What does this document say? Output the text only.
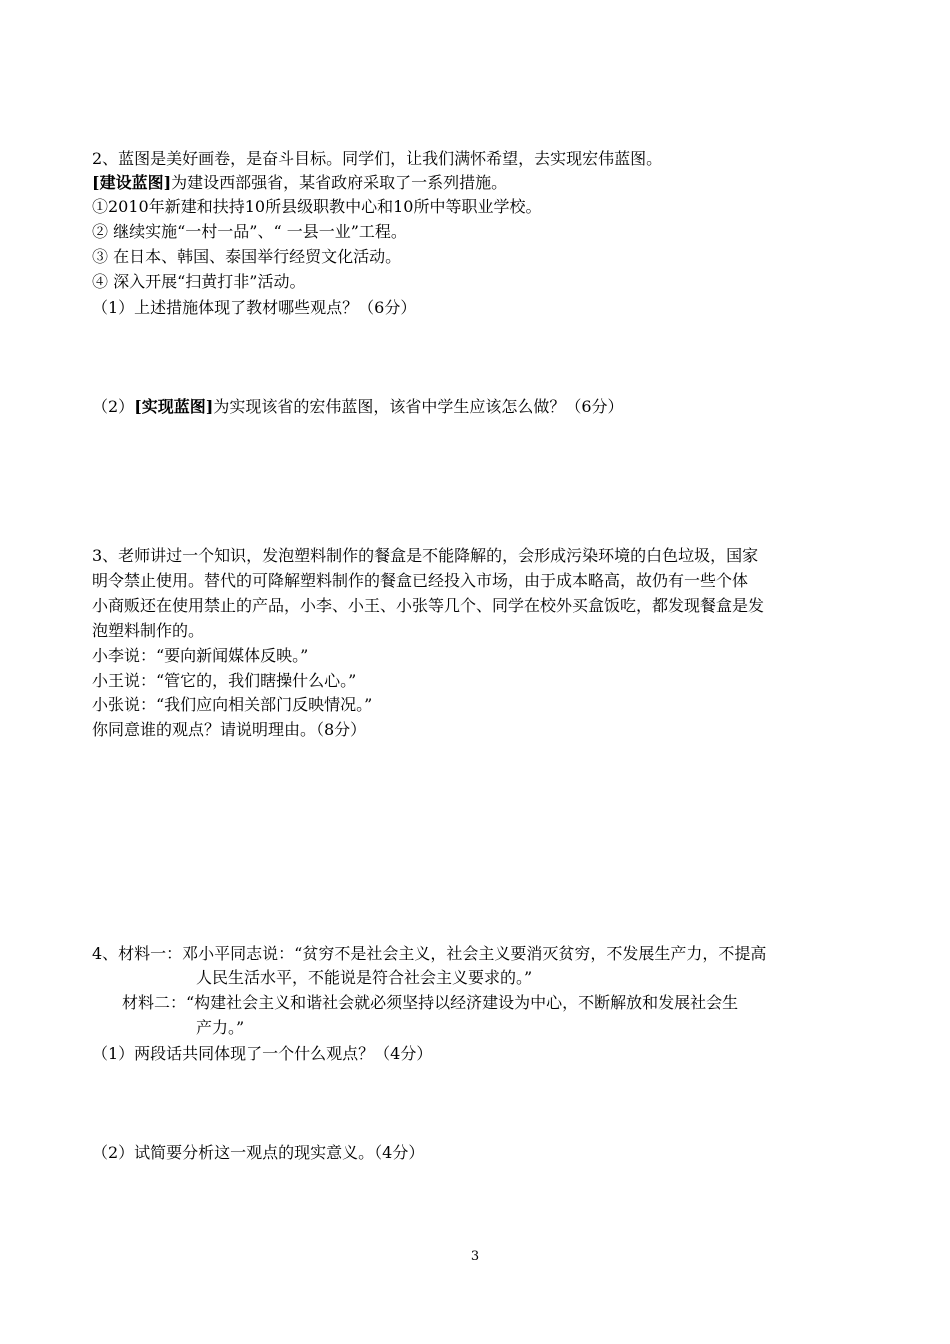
2、蓝图是美好画卷，是奋斗目标。同学们，让我们满怀希望，去实现宏伟蓝图。
[建设蓝图]为建设西部强省，某省政府采取了一系列措施。
①2010年新建和扶持10所县级职教中心和10所中等职业学校。
② 继续实施“一村一品”、“ 一县一业”工程。
③ 在日本、韩国、泰国举行经贸文化活动。
④ 深入开展“扫黄打非”活动。
（1）上述措施体现了教材哪些观点？（6分）
（2）[实现蓝图]为实现该省的宏伟蓝图，该省中学生应该怎么做？（6分）
3、老师讲过一个知识，发泡塑料制作的餐盒是不能降解的，会形成污染环境的白色垃圾，国家
明令禁止使用。替代的可降解塑料制作的餐盒已经投入市场，由于成本略高，故仍有一些个体
小商贩还在使用禁止的产品，小李、小王、小张等几个、同学在校外买盒饭吃，都发现餐盒是发
泡塑料制作的。
小李说：“要向新闻媒体反映。”
小王说：“管它的，我们瞎操什么心。”
小张说：“我们应向相关部门反映情况。”
你同意谁的观点？请说明理由。（8分）
4、材料一：邓小平同志说：“贫穷不是社会主义，社会主义要消灭贫穷，不发展生产力，不提高
人民生活水平，不能说是符合社会主义要求的。”
材料二：“构建社会主义和谐社会就必须坚持以经济建设为中心，不断解放和发展社会生
产力。”
（1）两段话共同体现了一个什么观点？（4分）
（2）试简要分析这一观点的现实意义。（4分）
3
